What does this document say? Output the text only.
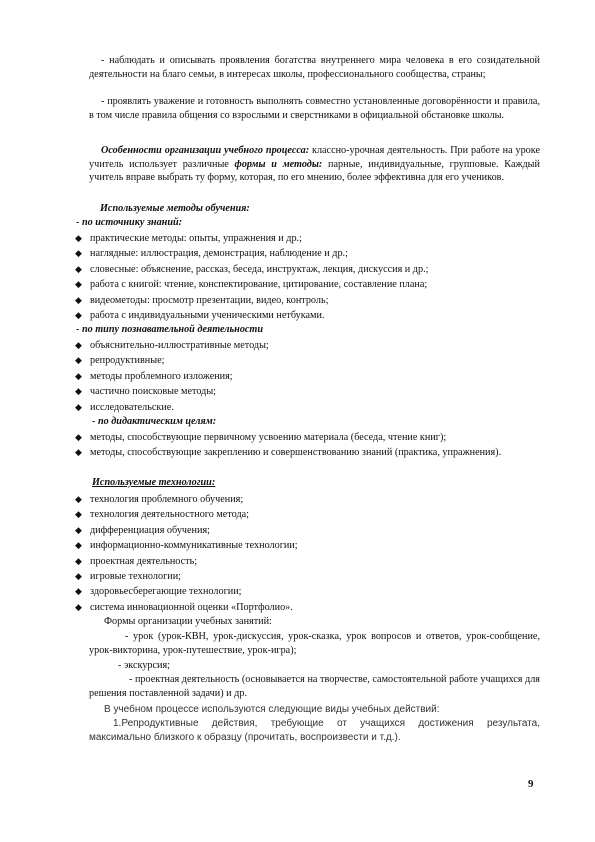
- наблюдать и описывать проявления богатства внутреннего мира человека в его созидательной деятельности на благо семьи, в интересах школы, профессионального сообщества, страны;

- проявлять уважение и готовность выполнять совместно установленные договорённости и правила, в том числе правила общения со взрослыми и сверстниками в официальной обстановке школы.

Особенности организации учебного процесса: классно-урочная деятельность. При работе на уроке учитель использует различные формы и методы: парные, индивидуальные, групповые. Каждый учитель вправе выбрать ту форму, которая, по его мнению, более эффективна для его учеников.

Используемые методы обучения:

- по источнику знаний:

◆ практические методы: опыты, упражнения и др.;
◆ наглядные: иллюстрация, демонстрация, наблюдение и др.;
◆ словесные: объяснение, рассказ, беседа, инструктаж, лекция, дискуссия и др.;
◆ работа с книгой: чтение, конспектирование, цитирование, составление плана;
◆ видеометоды: просмотр презентации, видео, контроль;
◆ работа с индивидуальными ученическими нетбуками.

- по типу познавательной деятельности

◆ объяснительно-иллюстративные методы;
◆ репродуктивные;
◆ методы проблемного изложения;
◆ частично поисковые методы;
◆ исследовательские.

- по дидактическим целям:

◆ методы, способствующие первичному усвоению материала (беседа, чтение книг);
◆ методы, способствующие закреплению и совершенствованию знаний (практика, упражнения).

Используемые технологии:

◆ технология проблемного обучения;
◆ технология деятельностного метода;
◆ дифференциация обучения;
◆ информационно-коммуникативные технологии;
◆ проектная деятельность;
◆ игровые технологии;
◆ здоровьесберегающие технологии;
◆ система инновационной оценки «Портфолио».

Формы организации учебных занятий:

- урок (урок-КВН, урок-дискуссия, урок-сказка, урок вопросов и ответов, урок-сообщение, урок-викторина, урок-путешествие, урок-игра);

- экскурсия;

- проектная деятельность (основывается на творчестве, самостоятельной работе учащихся для решения поставленной задачи) и др.

В учебном процессе используются следующие виды учебных действий:

1.Репродуктивные действия, требующие от учащихся достижения результата, максимально близкого к образцу (прочитать, воспроизвести и т.д.).

9
